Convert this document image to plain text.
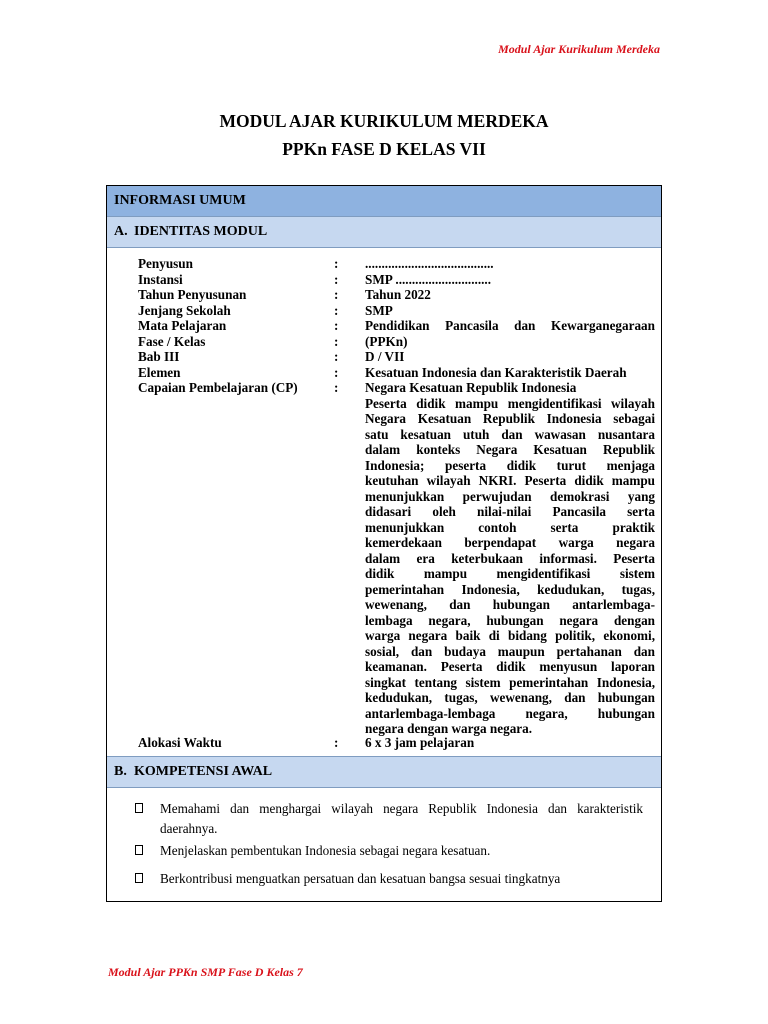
Modul Ajar Kurikulum Merdeka
MODUL AJAR KURIKULUM MERDEKA
PPKn FASE D KELAS VII
INFORMASI UMUM
A. IDENTITAS MODUL
Penyusun	: .......................................
Instansi	: SMP .............................
Tahun Penyusunan	: Tahun 2022
Jenjang Sekolah	: SMP
Mata Pelajaran	: Pendidikan Pancasila dan Kewarganegaraan
Fase / Kelas	: (PPKn)
Bab III	: D / VII
Elemen	: Kesatuan Indonesia dan Karakteristik Daerah
Capaian Pembelajaran (CP)	: Negara Kesatuan Republik Indonesia
Peserta didik mampu mengidentifikasi wilayah
Negara Kesatuan Republik Indonesia sebagai
satu kesatuan utuh dan wawasan nusantara
dalam konteks Negara Kesatuan Republik
Indonesia; peserta didik turut menjaga
keutuhan wilayah NKRI. Peserta didik mampu
menunjukkan perwujudan demokrasi yang
didasari oleh nilai-nilai Pancasila serta
menunjukkan contoh serta praktik
kemerdekaan berpendapat warga negara
dalam era keterbukaan informasi. Peserta
didik mampu mengidentifikasi sistem
pemerintahan Indonesia, kedudukan, tugas,
wewenang, dan hubungan antarlembaga-
lembaga negara, hubungan negara dengan
warga negara baik di bidang politik, ekonomi,
sosial, dan budaya maupun pertahanan dan
keamanan. Peserta didik menyusun laporan
singkat tentang sistem pemerintahan Indonesia,
kedudukan, tugas, wewenang, dan hubungan
antarlembaga-lembaga negara, hubungan
negara dengan warga negara.
Alokasi Waktu	: 6 x 3 jam pelajaran
B. KOMPETENSI AWAL
Memahami dan menghargai wilayah negara Republik Indonesia dan karakteristik daerahnya.
Menjelaskan pembentukan Indonesia sebagai negara kesatuan.
Berkontribusi menguatkan persatuan dan kesatuan bangsa sesuai tingkatnya
Modul Ajar PPKn SMP Fase D Kelas 7
